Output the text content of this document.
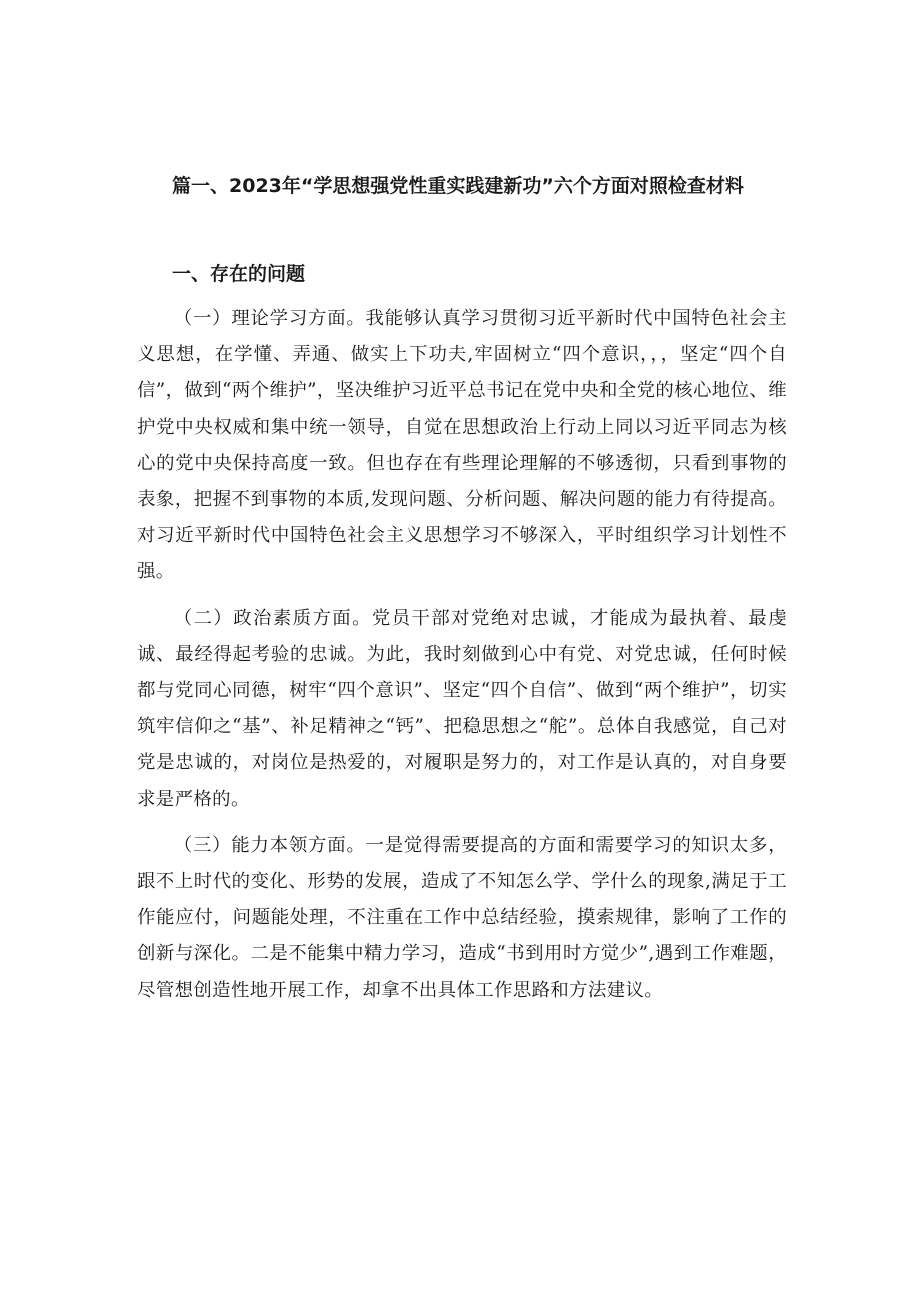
篇一、2023年“学思想强党性重实践建新功”六个方面对照检查材料
一、存在的问题

（一）理论学习方面。我能够认真学习贯彻习近平新时代中国特色社会主义思想，在学懂、弄通、做实上下功夫,牢固树立“四个意识，，，坚定“四个自信”，做到“两个维护”，坚决维护习近平总书记在党中央和全党的核心地位、维护党中央权威和集中统一领导，自觉在思想政治上行动上同以习近平同志为核心的党中央保持高度一致。但也存在有些理论理解的不够透彻，只看到事物的表象，把握不到事物的本质,发现问题、分析问题、解决问题的能力有待提高。对习近平新时代中国特色社会主义思想学习不够深入，平时组织学习计划性不强。

（二）政治素质方面。党员干部对党绝对忠诚，才能成为最执着、最虔诚、最经得起考验的忠诚。为此，我时刻做到心中有党、对党忠诚，任何时候都与党同心同德，树牢“四个意识”、坚定“四个自信”、做到“两个维护”，切实筑牢信仰之“基”、补足精神之“钙”、把稳思想之“舵”。总体自我感觉，自己对党是忠诚的，对岗位是热爱的，对履职是努力的，对工作是认真的，对自身要求是严格的。

（三）能力本领方面。一是觉得需要提高的方面和需要学习的知识太多，跟不上时代的变化、形势的发展，造成了不知怎么学、学什么的现象,满足于工作能应付，问题能处理，不注重在工作中总结经验，摸索规律，影响了工作的创新与深化。二是不能集中精力学习，造成“书到用时方觉少”,遇到工作难题，尽管想创造性地开展工作，却拿不出具体工作思路和方法建议。
